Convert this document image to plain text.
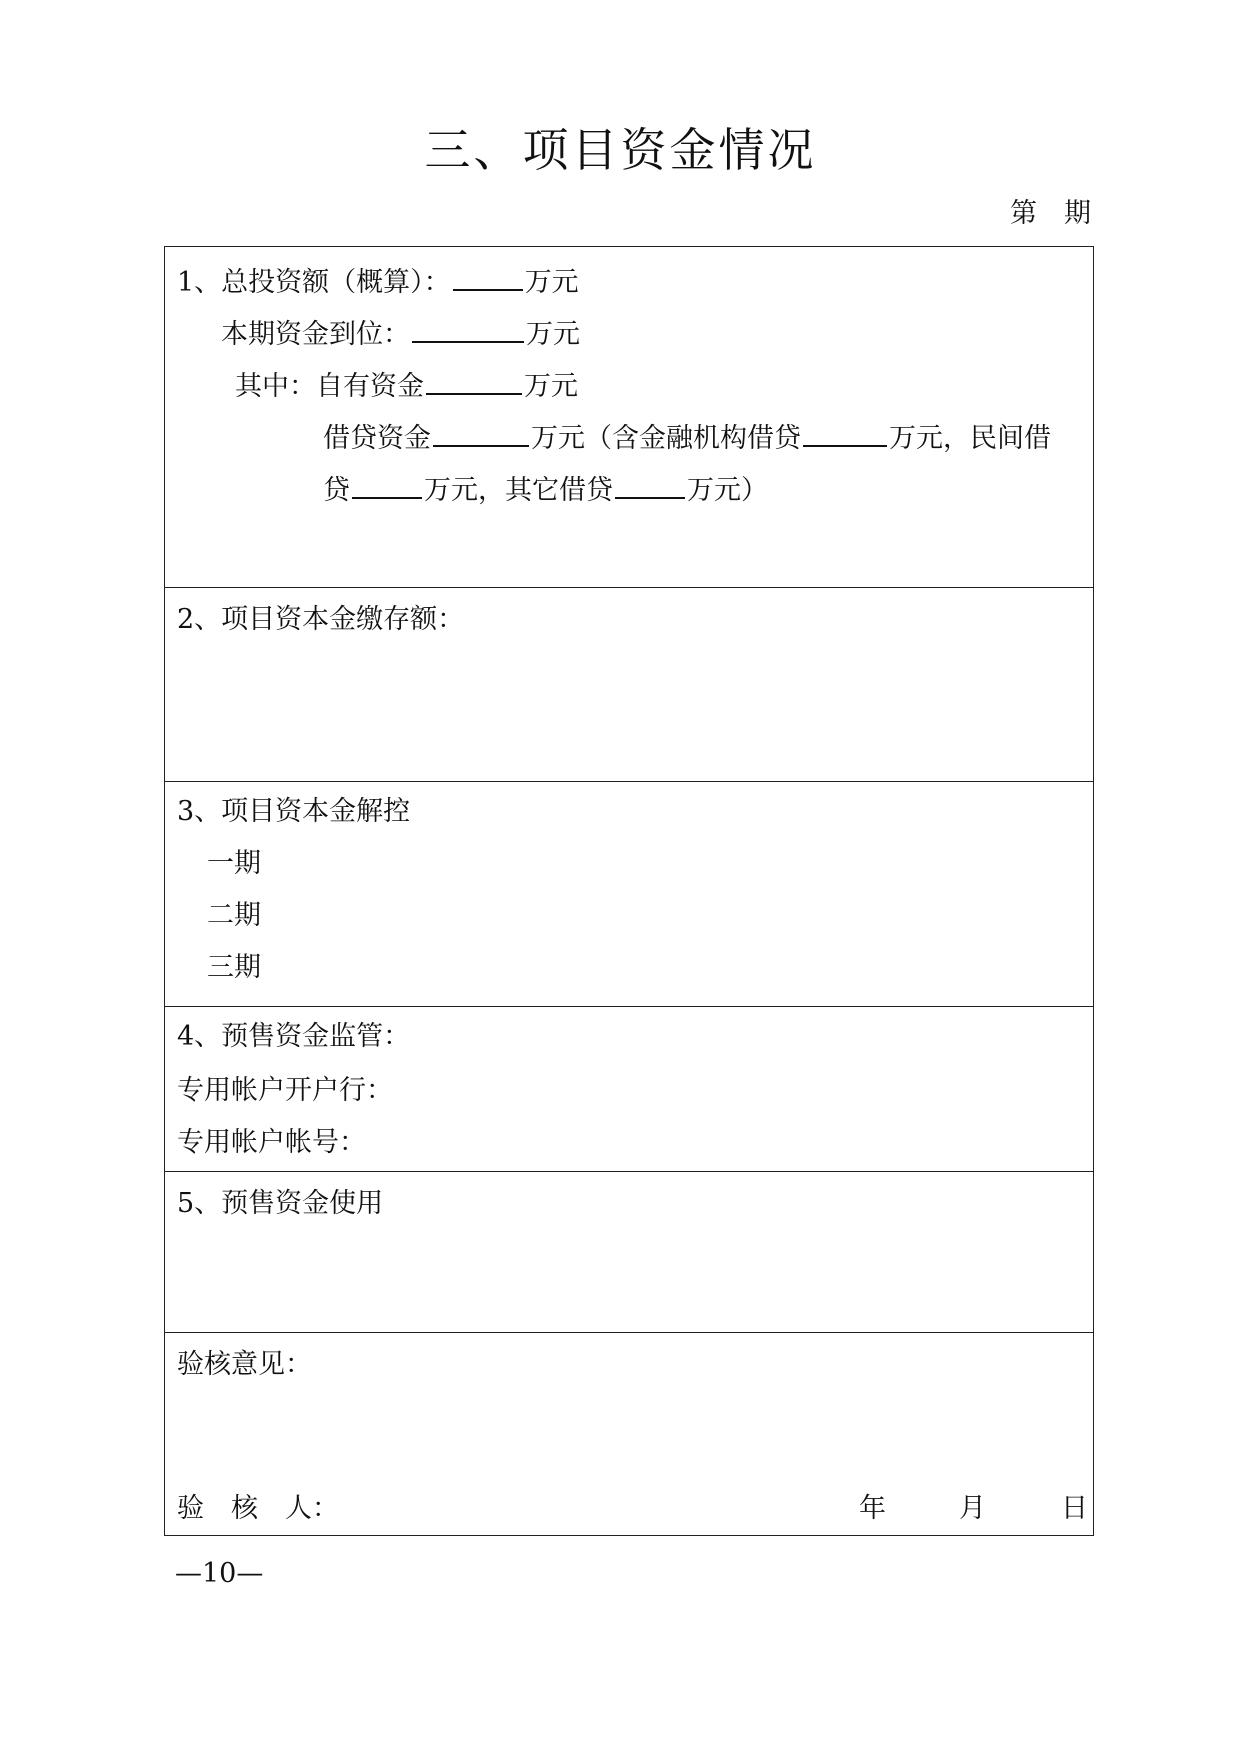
三、项目资金情况
第　期
1、总投资额（概算）：	万元
本期资金到位：	万元
其中：自有资金	万元
借贷资金	万元（含金融机构借贷	万元，民间借
贷	万元，其它借贷	万元）
2、项目资本金缴存额：
3、项目资本金解控
一期
二期
三期
4、预售资金监管：
专用帐户开户行：
专用帐户帐号：
5、预售资金使用
验核意见：
验　核　人：	年	月	日
—10—
